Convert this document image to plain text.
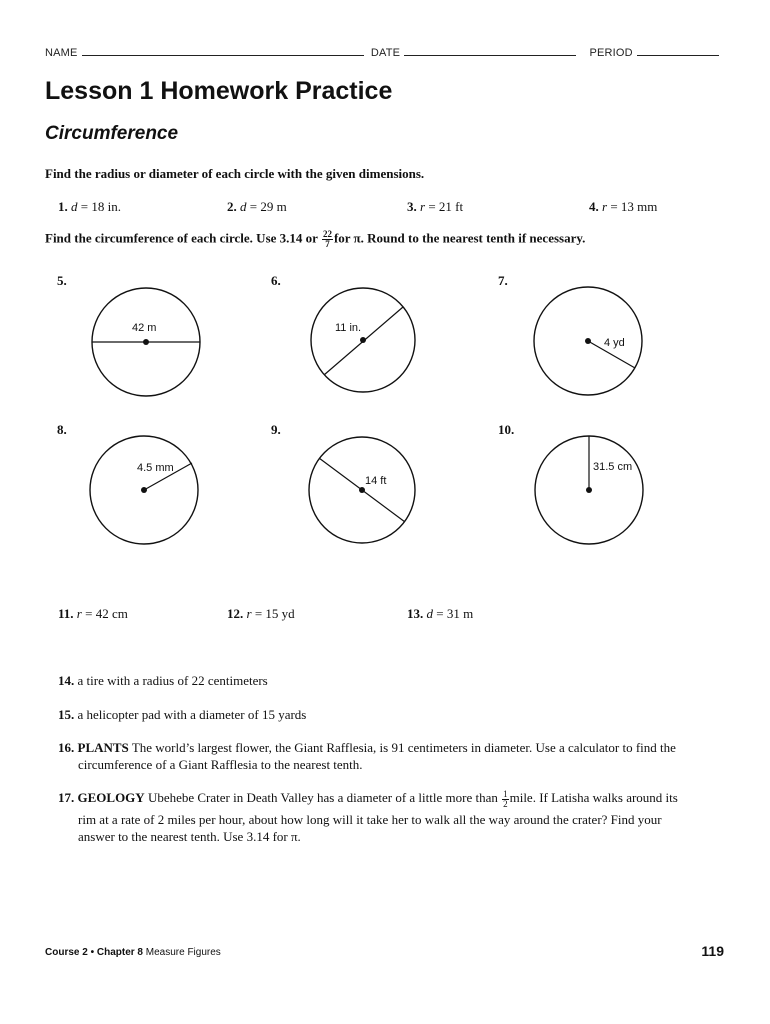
NAME	DATE	PERIOD
Lesson 1 Homework Practice
Circumference
Find the radius or diameter of each circle with the given dimensions.
1. d = 18 in.	2. d = 29 m	3. r = 21 ft	4. r = 13 mm
Find the circumference of each circle. Use 3.14 or $\frac{22}{7}$ for π. Round to the nearest tenth if necessary.
5.	6.	7.
8.	9.	10.
42 m	11 in.
4 yd
4.5 mm
14 ft
31.5 cm
11. r = 42 cm	12. r = 15 yd	13. d = 31 m
14. a tire with a radius of 22 centimeters
15. a helicopter pad with a diameter of 15 yards
16. PLANTS The world’s largest flower, the Giant Rafflesia, is 91 centimeters in diameter. Use a calculator to find the
circumference of a Giant Rafflesia to the nearest tenth.
17. GEOLOGY Ubehebe Crater in Death Valley has a diameter of a little more than $\frac{1}{2}$ mile. If Latisha walks around its
rim at a rate of 2 miles per hour, about how long will it take her to walk all the way around the crater? Find your
answer to the nearest tenth. Use 3.14 for π.
Course 2 • Chapter 8 Measure Figures	119
